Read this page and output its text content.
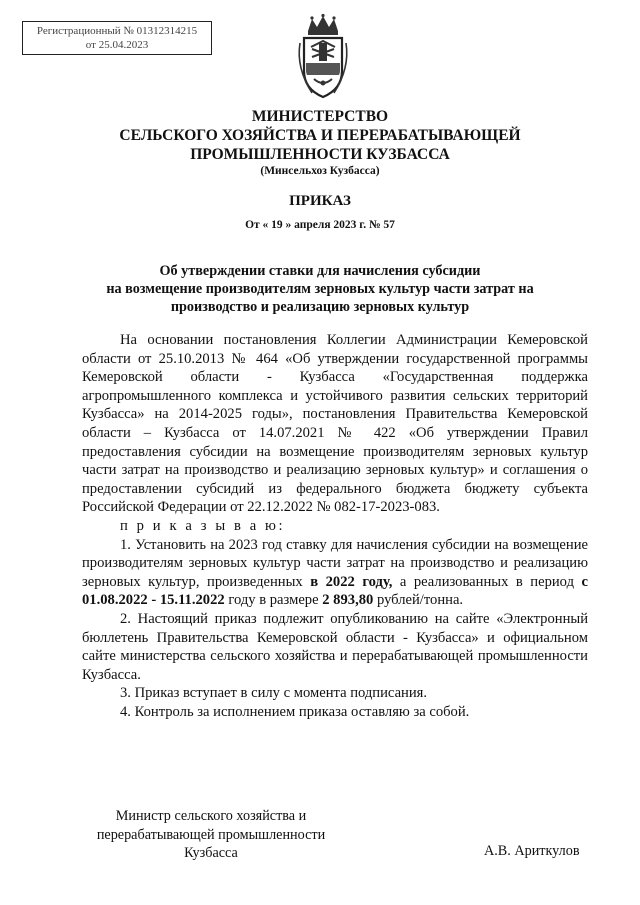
Регистрационный № 01312314215
от 25.04.2023
МИНИСТЕРСТВО
СЕЛЬСКОГО ХОЗЯЙСТВА И ПЕРЕРАБАТЫВАЮЩЕЙ
ПРОМЫШЛЕННОСТИ КУЗБАССА
(Минсельхоз Кузбасса)
ПРИКАЗ
От « 19 » апреля 2023 г. № 57
Об утверждении ставки для начисления субсидии
на возмещение производителям зерновых культур части затрат на
производство и реализацию зерновых культур

На основании постановления Коллегии Администрации Кемеровской области от 25.10.2013 № 464 «Об утверждении государственной программы Кемеровской области - Кузбасса «Государственная поддержка агропромышленного комплекса и устойчивого развития сельских территорий Кузбасса» на 2014-2025 годы», постановления Правительства Кемеровской области – Кузбасса от 14.07.2021 № 422 «Об утверждении Правил предоставления субсидии на возмещение производителям зерновых культур части затрат на производство и реализацию зерновых культур» и соглашения о предоставлении субсидий из федерального бюджета бюджету субъекта Российской Федерации от 22.12.2022 № 082-17-2023-083.

п р и к а з ы в а ю:

1. Установить на 2023 год ставку для начисления субсидии на возмещение производителям зерновых культур части затрат на производство и реализацию зерновых культур, произведенных в 2022 году, а реализованных в период с 01.08.2022 - 15.11.2022 году в размере 2 893,80 рублей/тонна.

2. Настоящий приказ подлежит опубликованию на сайте «Электронный бюллетень Правительства Кемеровской области - Кузбасса» и официальном сайте министерства сельского хозяйства и перерабатывающей промышленности Кузбасса.

3. Приказ вступает в силу с момента подписания.

4. Контроль за исполнением приказа оставляю за собой.

Министр сельского хозяйства и
перерабатывающей промышленности
Кузбасса	А.В. Ариткулов
